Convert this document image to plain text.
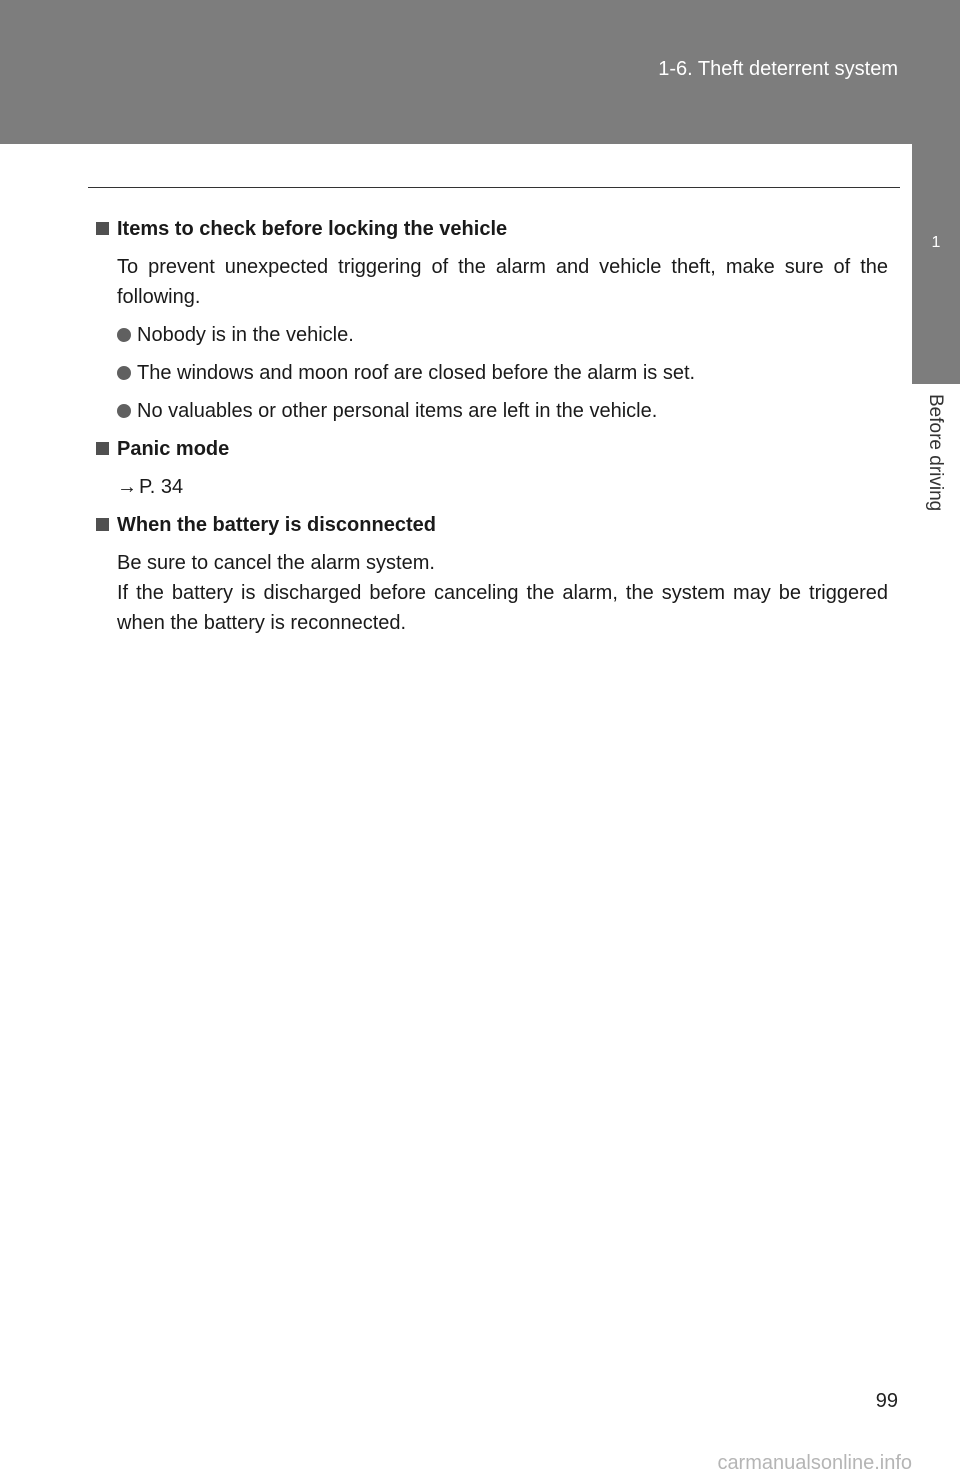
1-6. Theft deterrent system
1
Before driving
Items to check before locking the vehicle
To prevent unexpected triggering of the alarm and vehicle theft, make sure of the following.
Nobody is in the vehicle.
The windows and moon roof are closed before the alarm is set.
No valuables or other personal items are left in the vehicle.
Panic mode
→ P. 34
When the battery is disconnected
Be sure to cancel the alarm system.
If the battery is discharged before canceling the alarm, the system may be triggered when the battery is reconnected.
99
carmanualsonline.info
